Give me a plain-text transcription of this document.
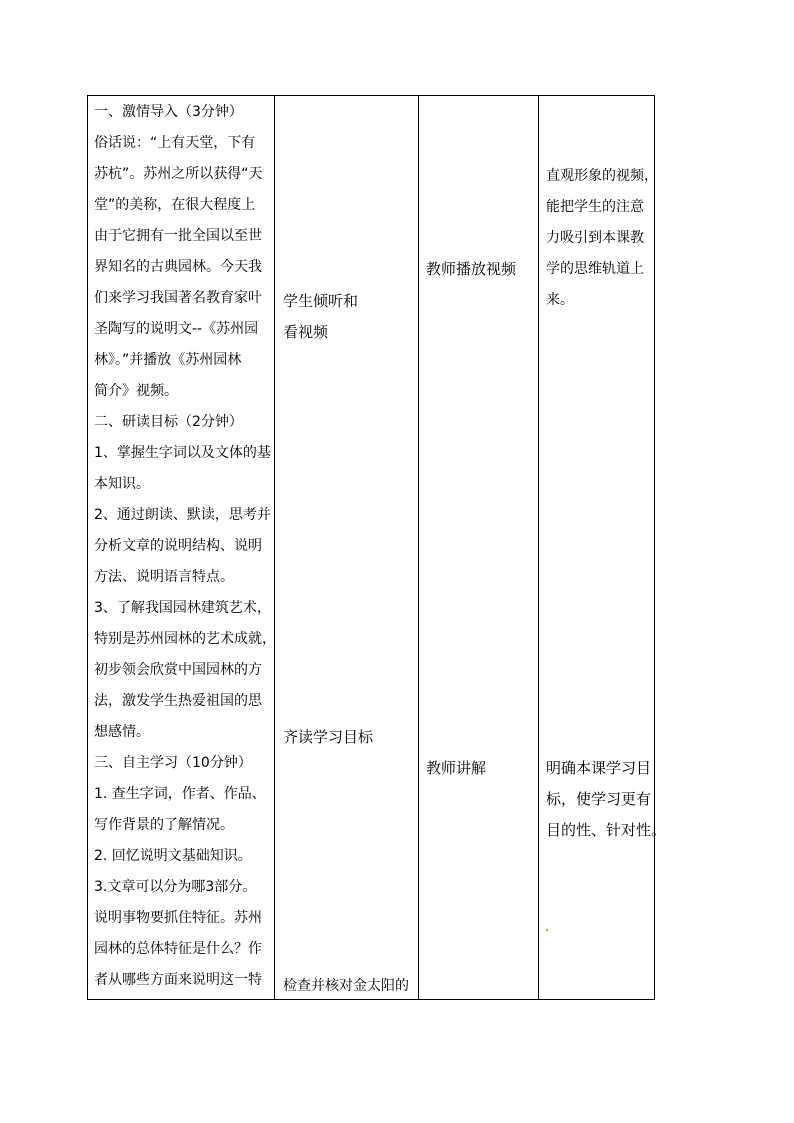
一、激情导入（3分钟）
俗话说：“上有天堂，下有
苏杭”。苏州之所以获得“天
堂”的美称，在很大程度上
由于它拥有一批全国以至世
界知名的古典园林。今天我
们来学习我国著名教育家叶
圣陶写的说明文--《苏州园
林》。”并播放《苏州园林
简介》视频。
二、研读目标（2分钟）
1、掌握生字词以及文体的基
本知识。
2、通过朗读、默读，思考并
分析文章的说明结构、说明
方法、说明语言特点。
3、了解我国园林建筑艺术，
特别是苏州园林的艺术成就，
初步领会欣赏中国园林的方
法，激发学生热爱祖国的思
想感情。
三、自主学习（10分钟）
1. 查生字词，作者、作品、
写作背景的了解情况。
2. 回忆说明文基础知识。
3.文章可以分为哪3部分。
说明事物要抓住特征。苏州
园林的总体特征是什么？作
者从哪些方面来说明这一特
学生倾听和
看视频
齐读学习目标
检查并核对金太阳的
教师播放视频
教师讲解
直观形象的视频，
能把学生的注意
力吸引到本课教
学的思维轨道上
来。
明确本课学习目
标，使学习更有
目的性、针对性。
